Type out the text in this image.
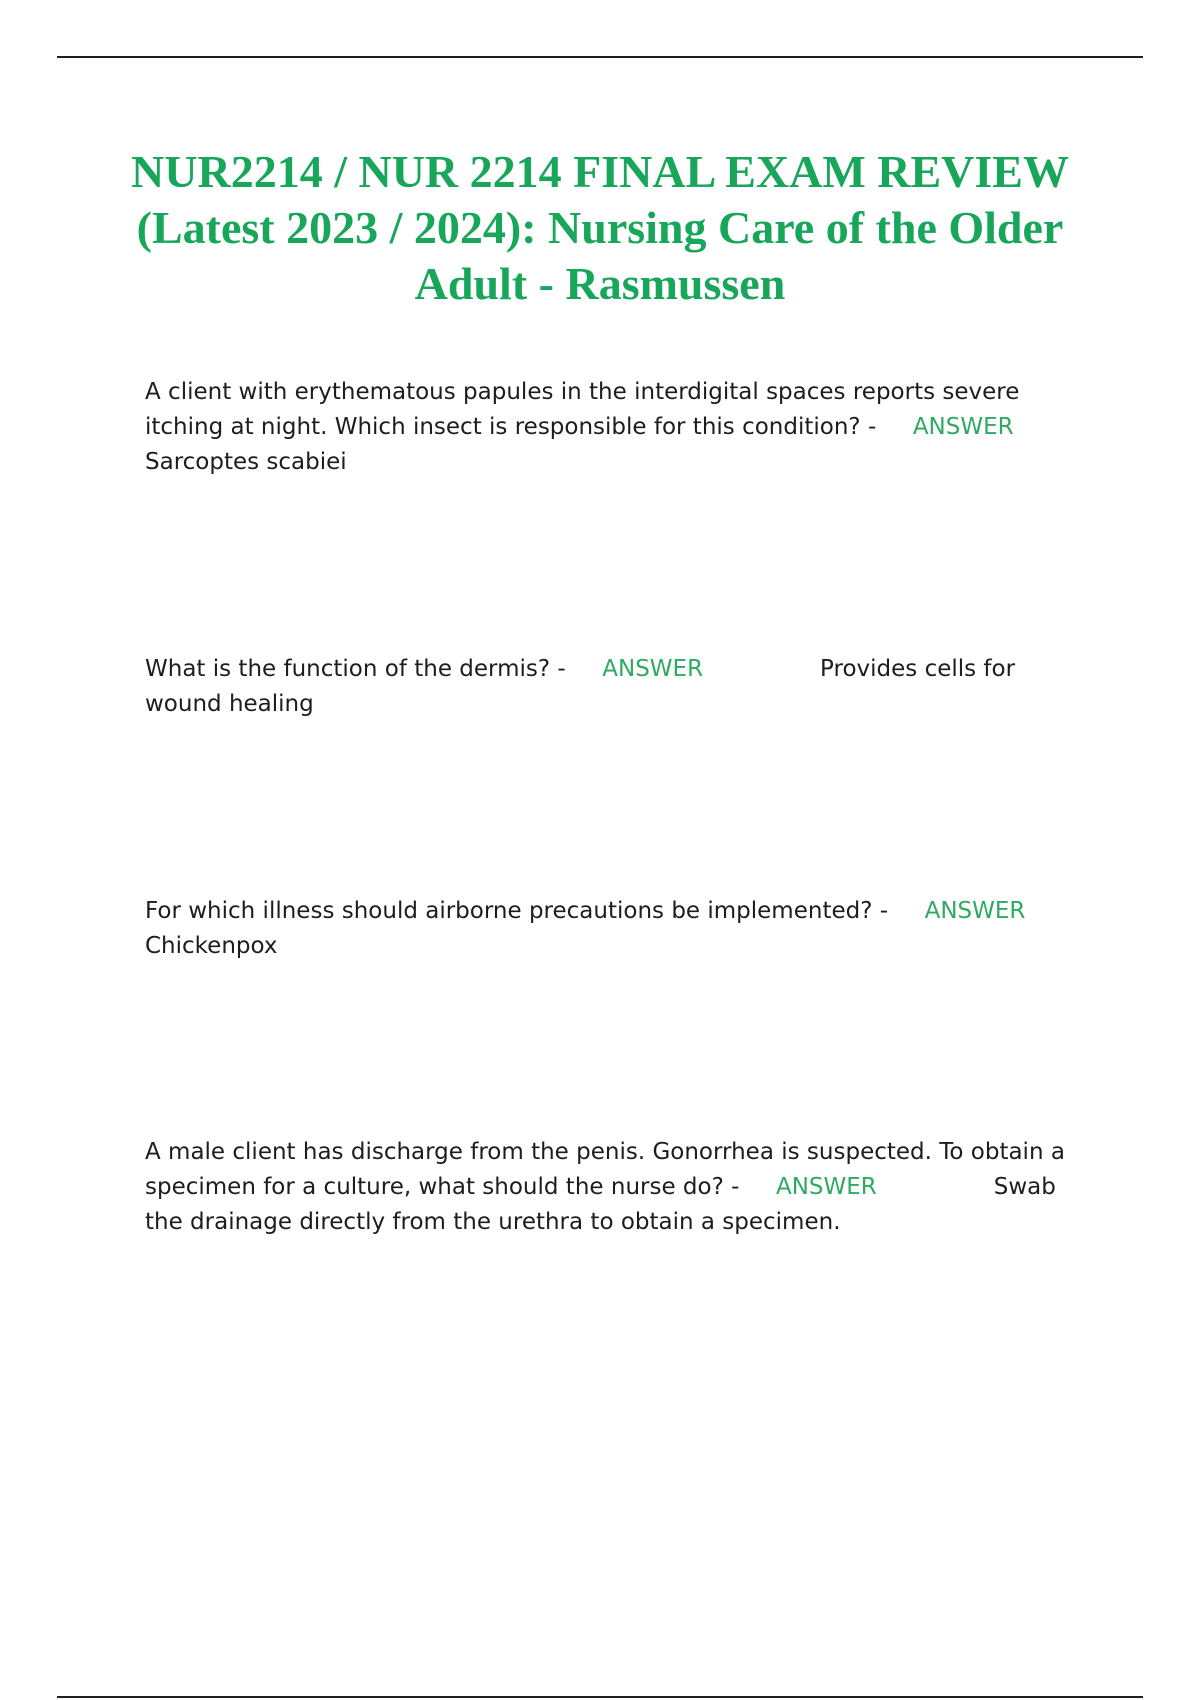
NUR2214 / NUR 2214 FINAL EXAM REVIEW (Latest 2023 / 2024): Nursing Care of the Older Adult - Rasmussen

A client with erythematous papules in the interdigital spaces reports severe itching at night. Which insect is responsible for this condition? - ANSWER
Sarcoptes scabiei

What is the function of the dermis? - ANSWER	Provides cells for wound healing

For which illness should airborne precautions be implemented? - ANSWER
Chickenpox

A male client has discharge from the penis. Gonorrhea is suspected. To obtain a specimen for a culture, what should the nurse do? - ANSWER	Swab the drainage directly from the urethra to obtain a specimen.
